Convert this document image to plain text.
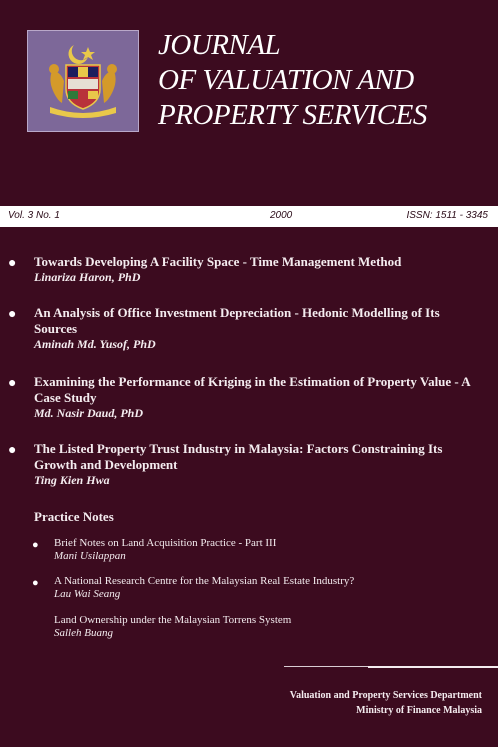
JOURNAL
OF VALUATION AND
PROPERTY SERVICES
Vol. 3 No. 1	2000	ISSN: 1511 - 3345
● Towards Developing A Facility Space - Time Management Method
Linariza Haron, PhD
● An Analysis of Office Investment Depreciation - Hedonic Modelling of Its Sources
Aminah Md. Yusof, PhD
● Examining the Performance of Kriging in the Estimation of Property Value - A Case Study
Md. Nasir Daud, PhD
● The Listed Property Trust Industry in Malaysia: Factors Constraining Its Growth and Development
Ting Kien Hwa
Practice Notes
● Brief Notes on Land Acquisition Practice - Part III
Mani Usilappan
● A National Research Centre for the Malaysian Real Estate Industry?
Lau Wai Seang
Land Ownership under the Malaysian Torrens System
Salleh Buang
Valuation and Property Services Department
Ministry of Finance Malaysia
